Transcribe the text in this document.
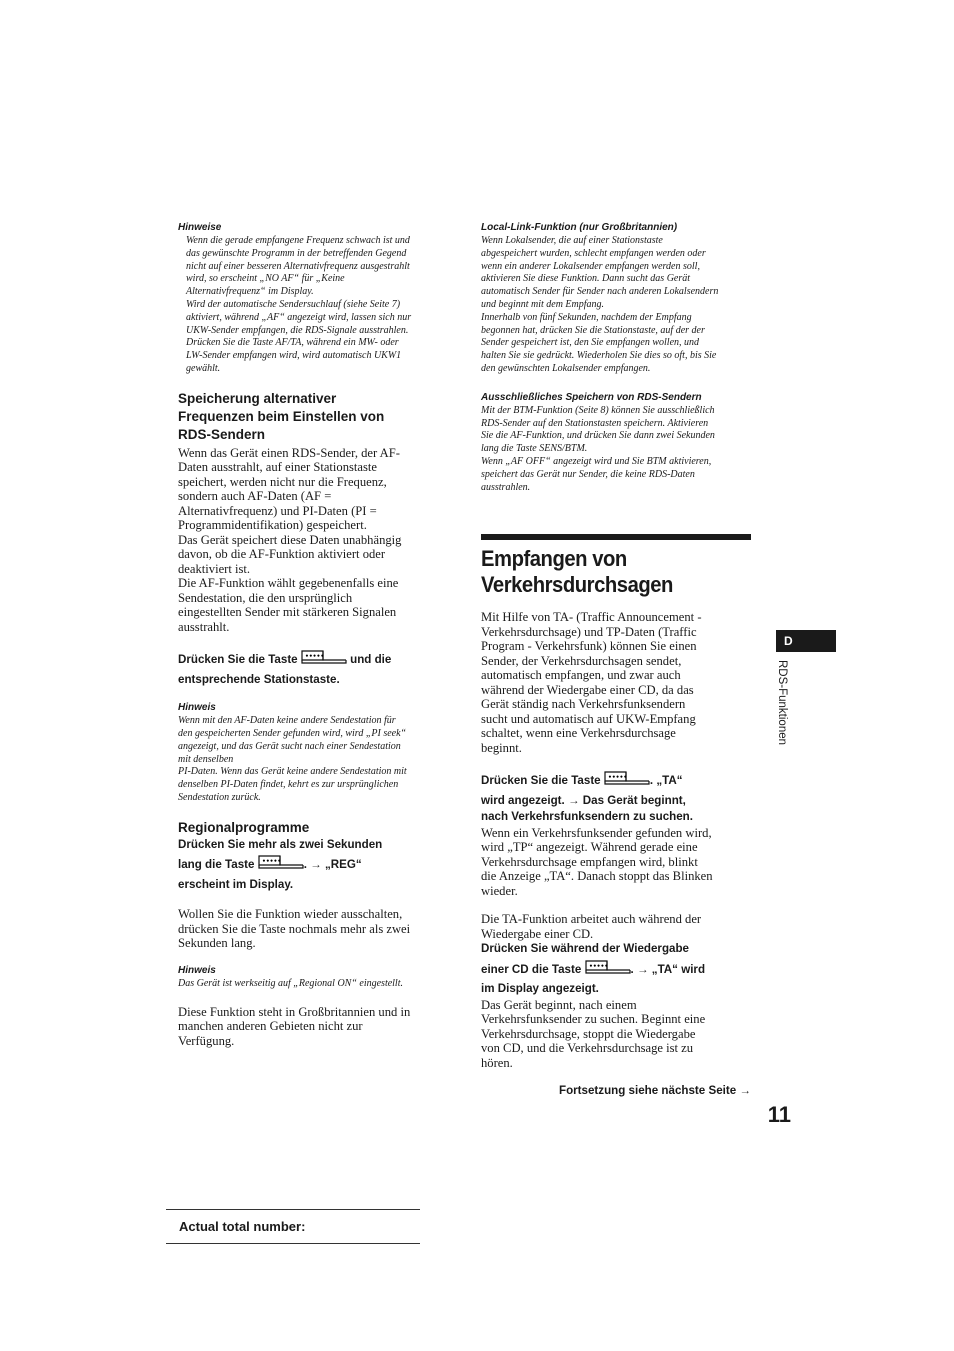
Hinweise

Wenn die gerade empfangene Frequenz schwach ist und

das gewünschte Programm in der betreffenden Gegend

nicht auf einer besseren Alternativfrequenz ausgestrahlt

wird, so erscheint „NO AF“ für „Keine

Alternativfrequenz“ im Display.

Wird der automatische Sendersuchlauf (siehe Seite 7)

aktiviert, während „AF“ angezeigt wird, lassen sich nur

UKW-Sender empfangen, die RDS-Signale ausstrahlen.

Drücken Sie die Taste AF/TA, während ein MW- oder

LW-Sender empfangen wird, wird automatisch UKW1

gewählt.

Speicherung alternativer

Frequenzen beim Einstellen von

RDS-Sendern

Wenn das Gerät einen RDS-Sender, der AF-

Daten ausstrahlt, auf einer Stationstaste

speichert, werden nicht nur die Frequenz,

sondern auch AF-Daten (AF =

Alternativfrequenz) und PI-Daten (PI =

Programmidentifikation) gespeichert.

Das Gerät speichert diese Daten unabhängig

davon, ob die AF-Funktion aktiviert oder

deaktiviert ist.

Die AF-Funktion wählt gegebenenfalls eine

Sendestation, die den ursprünglich

eingestellten Sender mit stärkeren Signalen

ausstrahlt.

Drücken Sie die Taste ••••• und die

entsprechende Stationstaste.

Hinweis

Wenn mit den AF-Daten keine andere Sendestation für

den gespeicherten Sender gefunden wird, wird „PI seek“

angezeigt, und das Gerät sucht nach einer Sendestation

mit denselben

PI-Daten. Wenn das Gerät keine andere Sendestation mit

denselben PI-Daten findet, kehrt es zur ursprünglichen

Sendestation zurück.

Regionalprogramme

Drücken Sie mehr als zwei Sekunden

lang die Taste ••••• . → „REG“

erscheint im Display.

Wollen Sie die Funktion wieder ausschalten,

drücken Sie die Taste nochmals mehr als zwei

Sekunden lang.

Hinweis

Das Gerät ist werkseitig auf „Regional ON“ eingestellt.

Diese Funktion steht in Großbritannien und in

manchen anderen Gebieten nicht zur

Verfügung.

Local-Link-Funktion (nur Großbritannien)

Wenn Lokalsender, die auf einer Stationstaste

abgespeichert wurden, schlecht empfangen werden oder

wenn ein anderer Lokalsender empfangen werden soll,

aktivieren Sie diese Funktion. Dann sucht das Gerät

automatisch Sender für Sender nach anderen Lokalsendern

und beginnt mit dem Empfang.

Innerhalb von fünf Sekunden, nachdem der Empfang

begonnen hat, drücken Sie die Stationstaste, auf der der

Sender gespeichert ist, den Sie empfangen wollen, und

halten Sie sie gedrückt. Wiederholen Sie dies so oft, bis Sie

den gewünschten Lokalsender empfangen.

Ausschließliches Speichern von RDS-Sendern

Mit der BTM-Funktion (Seite 8) können Sie ausschließlich

RDS-Sender auf den Stationstasten speichern. Aktivieren

Sie die AF-Funktion, und drücken Sie dann zwei Sekunden

lang die Taste SENS/BTM.

Wenn „AF OFF“ angezeigt wird und Sie BTM aktivieren,

speichert das Gerät nur Sender, die keine RDS-Daten

ausstrahlen.

Empfangen von

Verkehrsdurchsagen

Mit Hilfe von TA- (Traffic Announcement -

Verkehrsdurchsage) und TP-Daten (Traffic

Program - Verkehrsfunk) können Sie einen

Sender, der Verkehrsdurchsagen sendet,

automatisch empfangen, und zwar auch

während der Wiedergabe einer CD, da das

Gerät ständig nach Verkehrsfunksendern

sucht und automatisch auf UKW-Empfang

schaltet, wenn eine Verkehrsdurchsage

beginnt.

Drücken Sie die Taste ••••• . „TA“

wird angezeigt. → Das Gerät beginnt,

nach Verkehrsfunksendern zu suchen.

Wenn ein Verkehrsfunksender gefunden wird,

wird „TP“ angezeigt. Während gerade eine

Verkehrsdurchsage empfangen wird, blinkt

die Anzeige „TA“. Danach stoppt das Blinken

wieder.

Die TA-Funktion arbeitet auch während der

Wiedergabe einer CD.

Drücken Sie während der Wiedergabe

einer CD die Taste ••••• . → „TA“ wird

im Display angezeigt.

Das Gerät beginnt, nach einem

Verkehrsfunksender zu suchen. Beginnt eine

Verkehrsdurchsage, stoppt die Wiedergabe

von CD, und die Verkehrsdurchsage ist zu

hören.

Fortsetzung siehe nächste Seite →

D
RDS-Funktionen
11
Actual total number:
